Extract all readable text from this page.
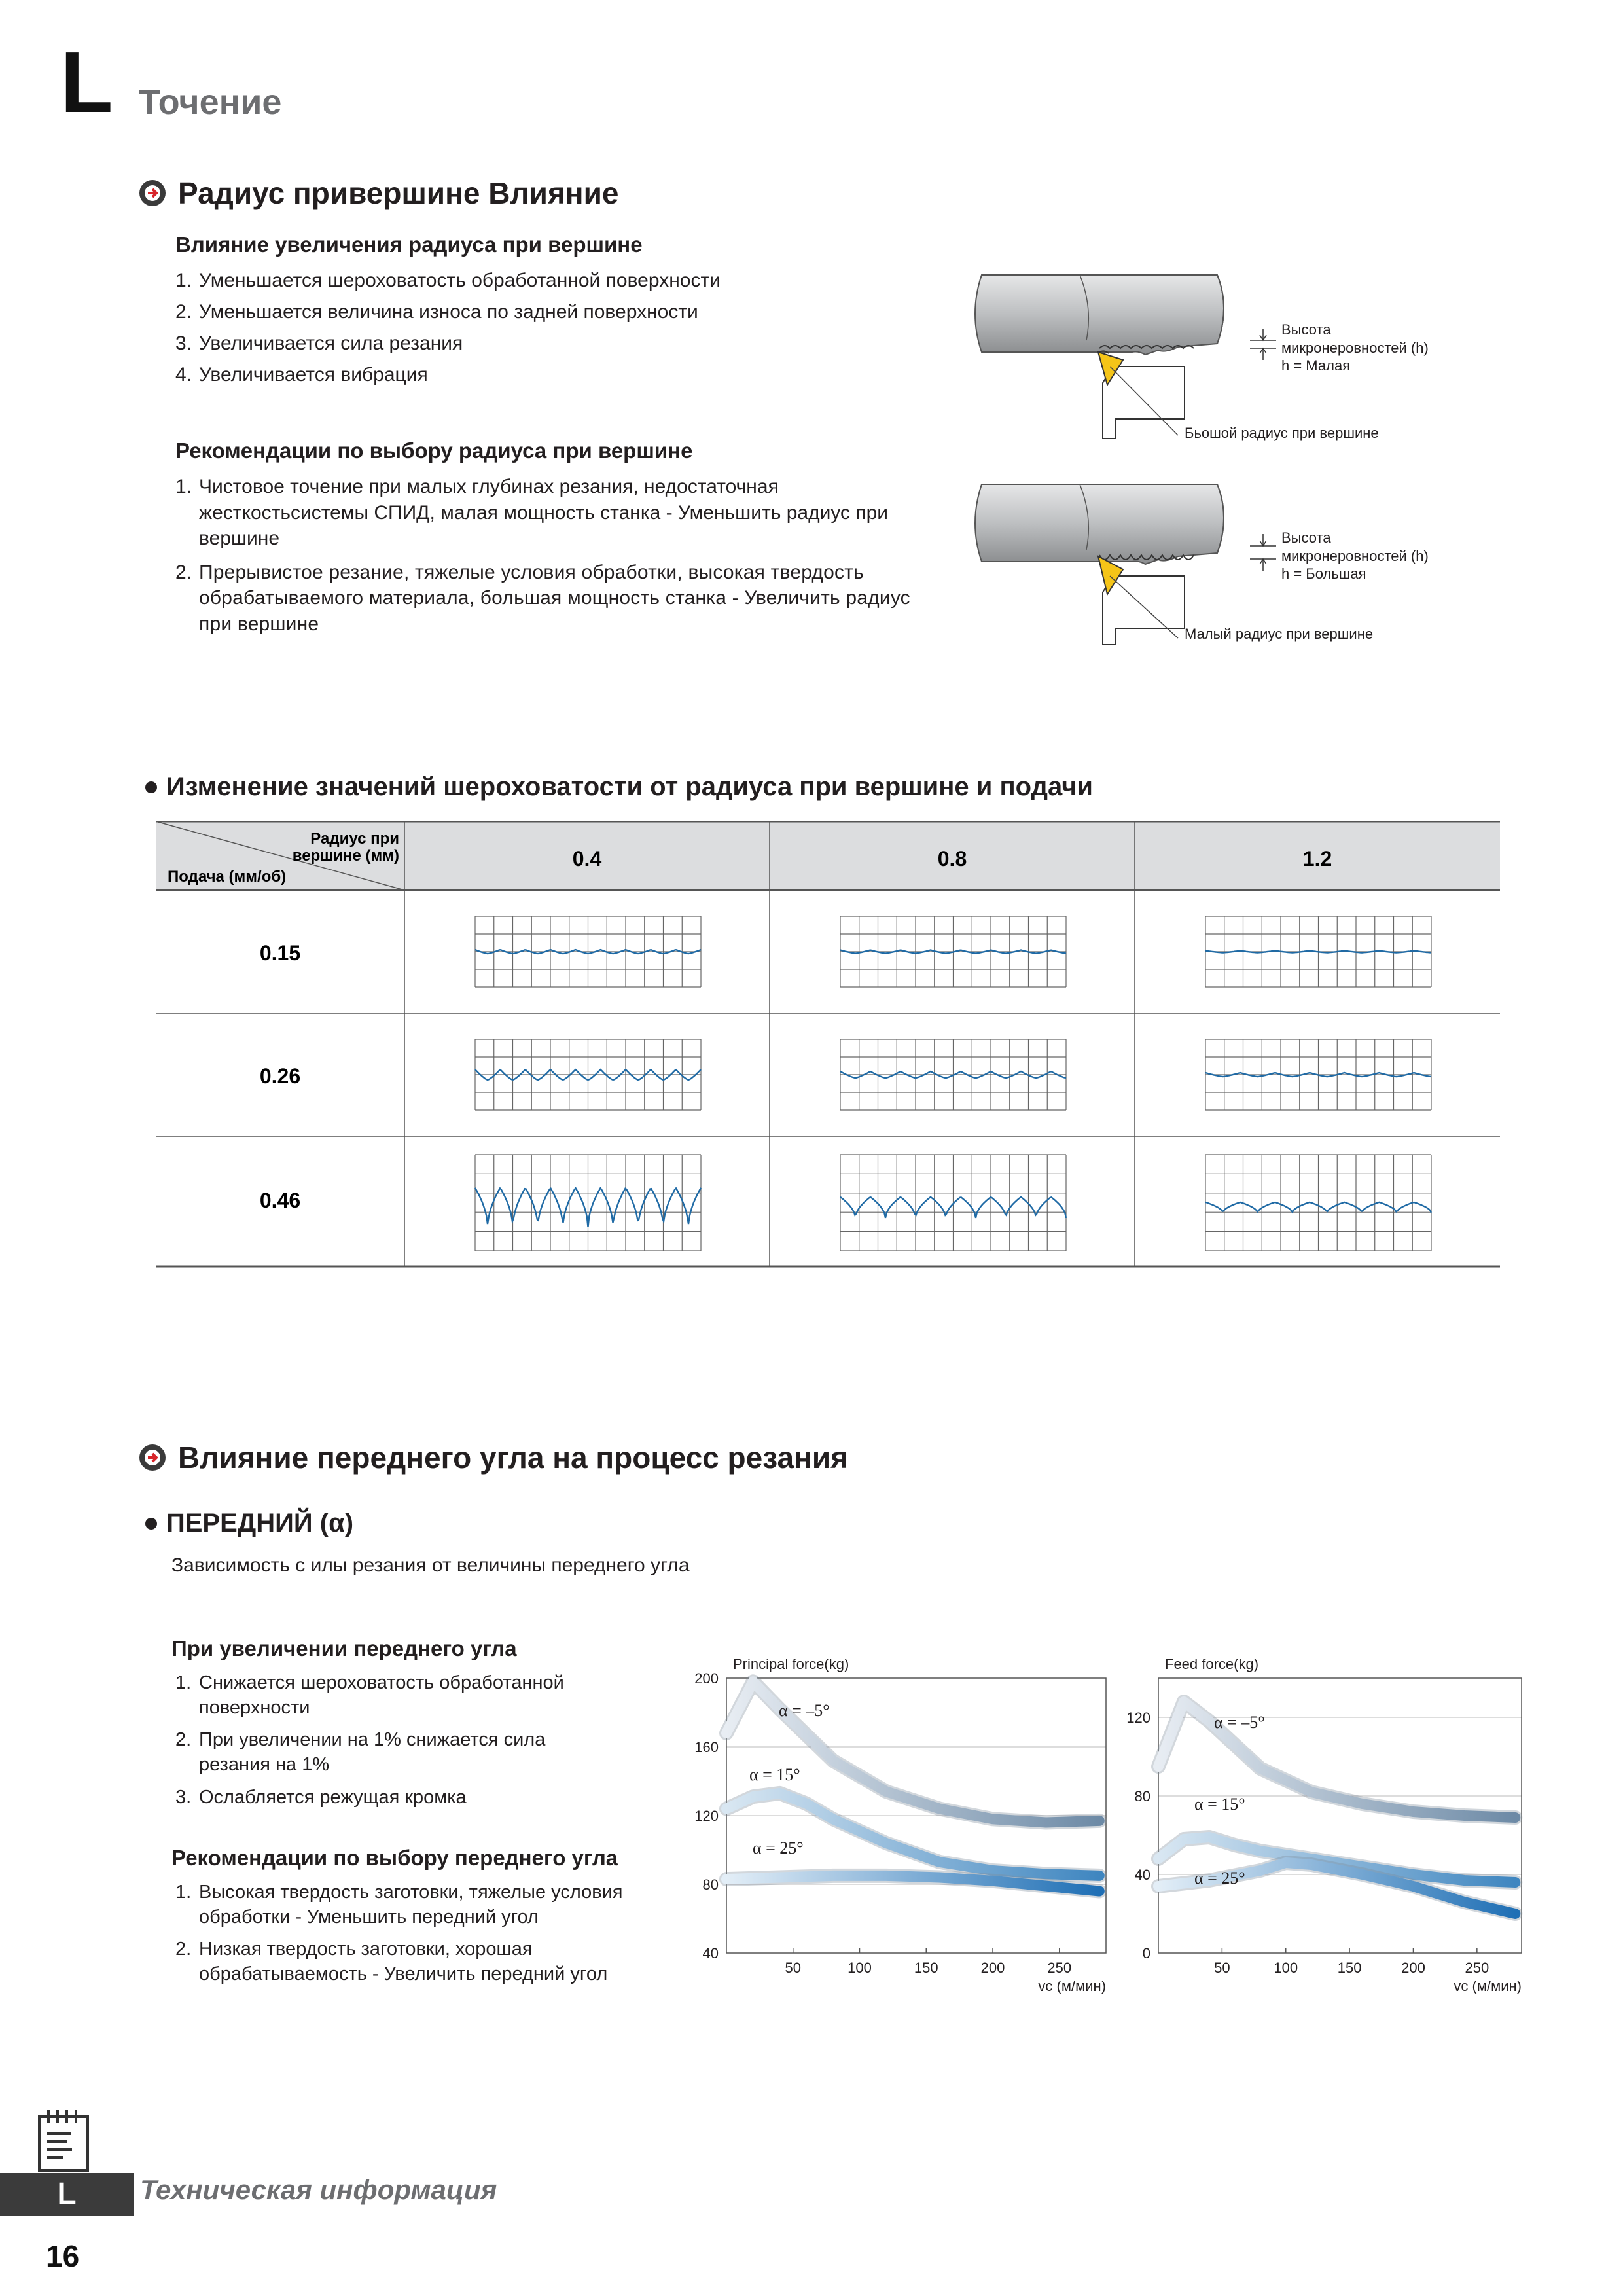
L Точение
Радиус привершине Влияние
Влияние увеличения радиуса при вершине
1. Уменьшается шероховатость обработанной поверхности
2. Уменьшается величина износа по задней поверхности
3. Увеличивается сила резания
4. Увеличивается вибрация
Рекомендации по выбору радиуса при вершине
1. Чистовое точение при малых глубинах резания, недостаточная жесткостьсистемы СПИД, малая мощность станка - Уменьшить радиус при вершине
2. Прерывистое резание, тяжелые условия обработки, высокая твердость обрабатываемого материала, большая мощность станка - Увеличить радиус при вершине
Высота
микронеровностей (h)
h = Малая
Бьошой радиус при вершине
Высота
микронеровностей (h)
h = Большая
Малый радиус при вершине
Изменение значений шероховатости от радиуса при вершине и подачи
Радиус при
вершине (мм)
Подача (мм/об)
0.4	0.8	1.2
0.15
0.26
0.46
Влияние переднего угла на процесс резания
ПЕРЕДНИЙ (α)
Зависимость с илы резания от величины переднего угла
При увеличении переднего угла
1. Снижается шероховатость обработанной
поверхности
2. При увеличении на 1% снижается сила
резания на 1%
3. Ослабляется режущая кромка
Рекомендации по выбору переднего угла
1. Высокая твердость заготовки, тяжелые условия
обработки - Уменьшить передний угол
2. Низкая твердость заготовки, хорошая
обрабатываемость - Увеличить передний угол
Principal force(kg)
40
80
120
160
200
50	100	150	200	250
vc (м/мин)
α = –5°
α = 15°
α = 25°
Feed force(kg)
0
40
80
120
50	100	150	200	250
vc (м/мин)
α = –5°
α = 15°
α = 25°
L	Техническая информация
16
